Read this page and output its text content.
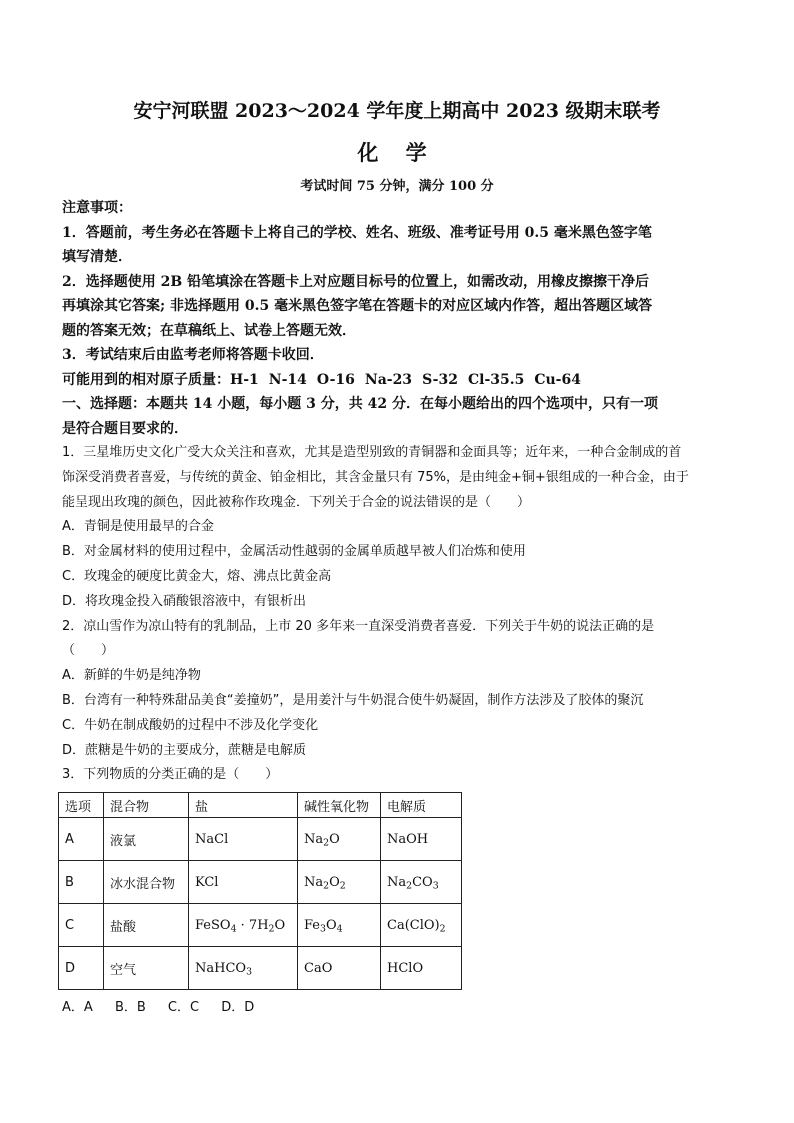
安宁河联盟 2023～2024 学年度上期高中 2023 级期末联考
化 学
考试时间 75 分钟，满分 100 分
注意事项：

1．答题前，考生务必在答题卡上将自己的学校、姓名、班级、准考证号用 0.5 毫米黑色签字笔

填写清楚．

2．选择题使用 2B 铅笔填涂在答题卡上对应题目标号的位置上，如需改动，用橡皮擦擦干净后

再填涂其它答案; 非选择题用 0.5 毫米黑色签字笔在答题卡的对应区域内作答，超出答题区域答

题的答案无效；在草稿纸上、试卷上答题无效．

3．考试结束后由监考老师将答题卡收回．

可能用到的相对原子质量：H-1 N-14 O-16 Na-23 S-32 Cl-35.5 Cu-64

一、选择题：本题共 14 小题，每小题 3 分，共 42 分．在每小题给出的四个选项中，只有一项

是符合题目要求的．

1．三星堆历史文化广受大众关注和喜欢，尤其是造型别致的青铜器和金面具等；近年来，一种合金制成的首

饰深受消费者喜爱，与传统的黄金、铂金相比，其含金量只有 75%，是由纯金+铜+银组成的一种合金，由于

能呈现出玫瑰的颜色，因此被称作玫瑰金．下列关于合金的说法错误的是（　　）

A．青铜是使用最早的合金

B．对金属材料的使用过程中，金属活动性越弱的金属单质越早被人们冶炼和使用

C．玫瑰金的硬度比黄金大，熔、沸点比黄金高

D．将玫瑰金投入硝酸银溶液中，有银析出

2．凉山雪作为凉山特有的乳制品，上市 20 多年来一直深受消费者喜爱．下列关于牛奶的说法正确的是

（　　）

A．新鲜的牛奶是纯净物

B．台湾有一种特殊甜品美食“姜撞奶”，是用姜汁与牛奶混合使牛奶凝固，制作方法涉及了胶体的聚沉

C．牛奶在制成酸奶的过程中不涉及化学变化

D．蔗糖是牛奶的主要成分，蔗糖是电解质

3．下列物质的分类正确的是（　　）

选项	混合物	盐	碱性氧化物	电解质
A	液氯	NaCl	$Na_2O$	NaOH
B	冰水混合物	KCl	$Na_2O_2$	$Na_2CO_3$
C	盐酸	FeSO$_4$ · $7H_2O$	$Fe_3O_4$	$Ca(ClO)_2$
D	空气	NaHCO$_3$	CaO	HClO
A．A B．B C．C D．D
